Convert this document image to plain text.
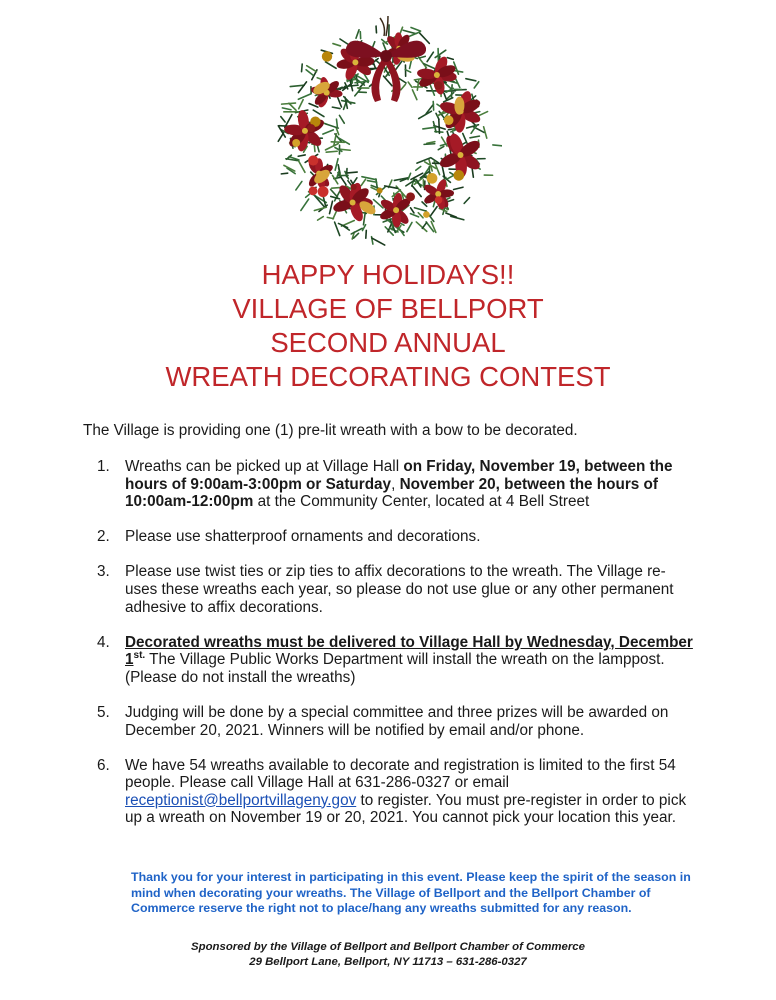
HAPPY HOLIDAYS!!
VILLAGE OF BELLPORT
SECOND ANNUAL
WREATH DECORATING CONTEST
The Village is providing one (1) pre-lit wreath with a bow to be decorated.
1. Wreaths can be picked up at Village Hall on Friday, November 19, between the hours of 9:00am-3:00pm or Saturday, November 20, between the hours of 10:00am-12:00pm at the Community Center, located at 4 Bell Street
2. Please use shatterproof ornaments and decorations.
3. Please use twist ties or zip ties to affix decorations to the wreath. The Village re-uses these wreaths each year, so please do not use glue or any other permanent adhesive to affix decorations.
4. Decorated wreaths must be delivered to Village Hall by Wednesday, December $1^{st.}$ The Village Public Works Department will install the wreath on the lamppost. (Please do not install the wreaths)
5. Judging will be done by a special committee and three prizes will be awarded on December 20, 2021. Winners will be notified by email and/or phone.
6. We have 54 wreaths available to decorate and registration is limited to the first 54 people. Please call Village Hall at 631-286-0327 or email receptionist@bellportvillageny.gov to register. You must pre-register in order to pick up a wreath on November 19 or 20, 2021. You cannot pick your location this year.
Thank you for your interest in participating in this event. Please keep the spirit of the season in mind when decorating your wreaths. The Village of Bellport and the Bellport Chamber of Commerce reserve the right not to place/hang any wreaths submitted for any reason.
Sponsored by the Village of Bellport and Bellport Chamber of Commerce
29 Bellport Lane, Bellport, NY 11713 – 631-286-0327
